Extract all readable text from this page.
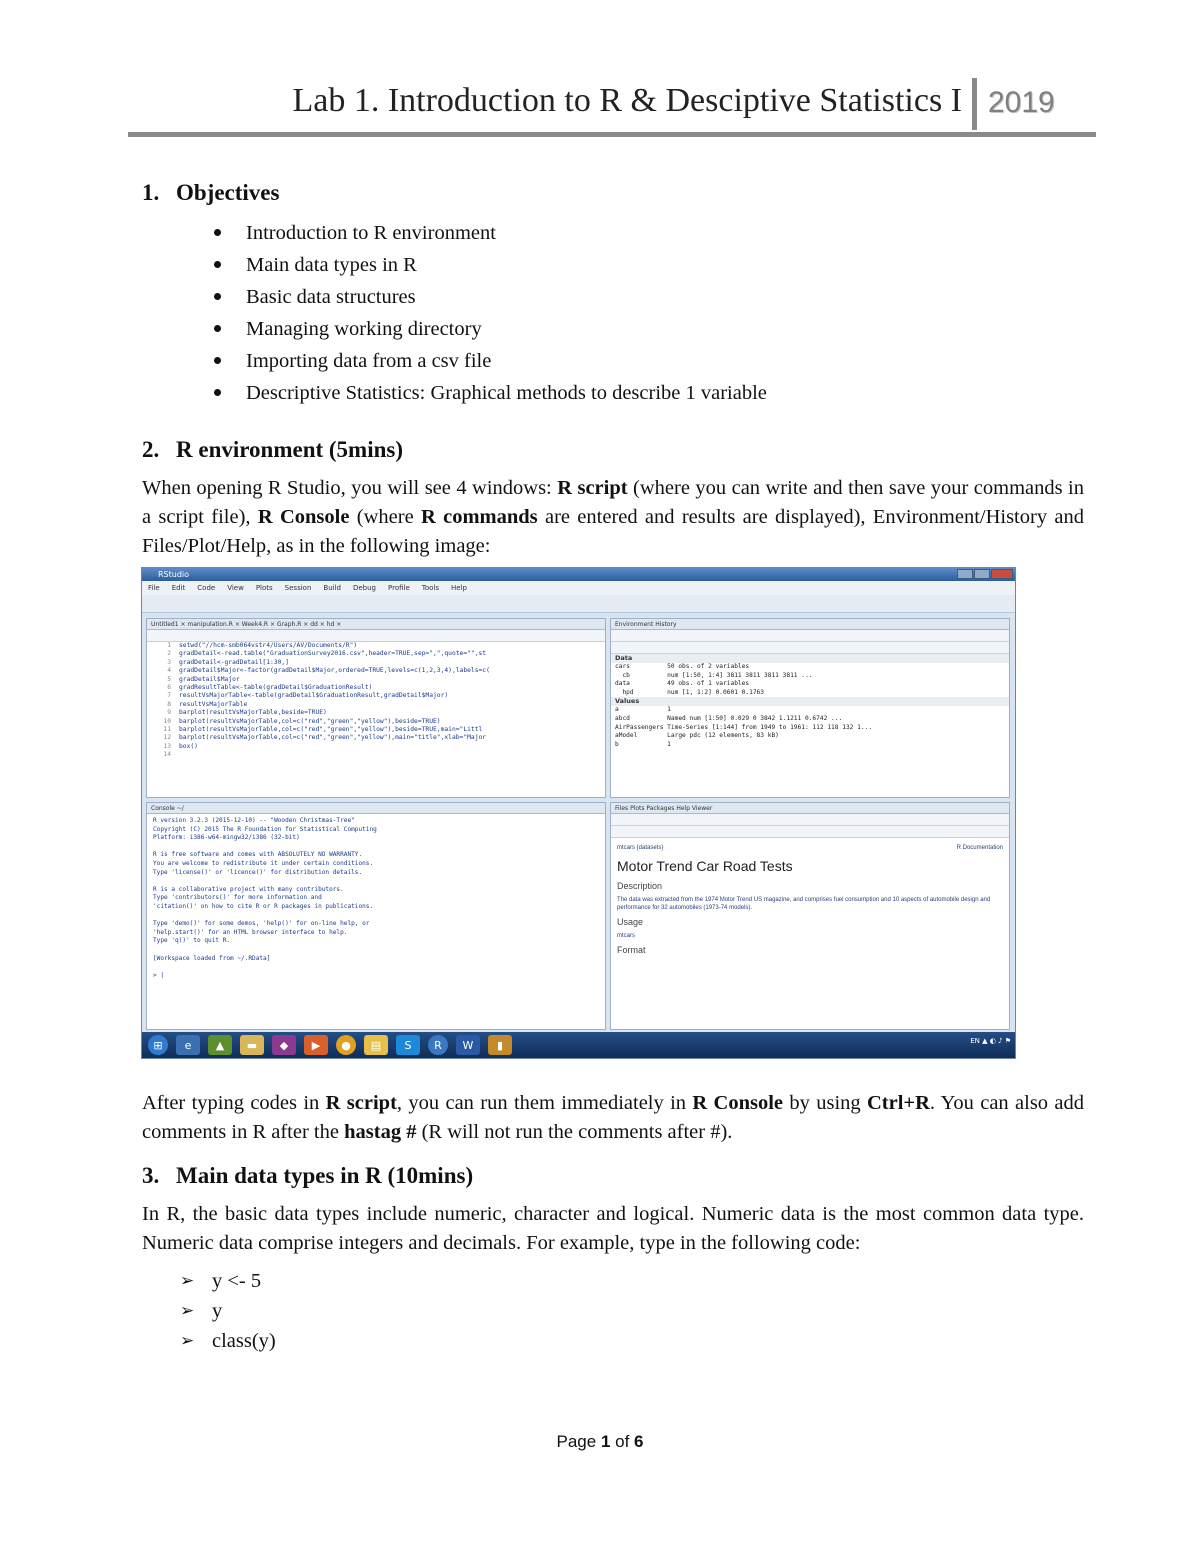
Lab 1. Introduction to R & Desciptive Statistics I 2019
1. Objectives
Introduction to R environment
Main data types in R
Basic data structures
Managing working directory
Importing data from a csv file
Descriptive Statistics: Graphical methods to describe 1 variable
2. R environment (5mins)

When opening R Studio, you will see 4 windows: R script (where you can write and then save your commands in a script file), R Console (where R commands are entered and results are displayed), Environment/History and Files/Plot/Help, as in the following image:

After typing codes in R script, you can run them immediately in R Console by using Ctrl+R. You can also add comments in R after the hastag # (R will not run the comments after #).

3. Main data types in R (10mins)

In R, the basic data types include numeric, character and logical. Numeric data is the most common data type. Numeric data comprise integers and decimals. For example, type in the following code:

➢ y <- 5
➢ y
➢ class(y)
RStudio
File Edit Code View Plots Session Build Debug Profile Tools Help
Untitled1 × manipulation.R × Week4.R × Graph.R × dd × hd ×
1 setwd("//hcm-smb064vstr4/Users/AV/Documents/R")
2 gradDetail<-read.table("GraduationSurvey2016.csv",header=TRUE,sep=",",quote="",st
3 gradDetail<-gradDetail[1:30,]
4 gradDetail$Major<-factor(gradDetail$Major,ordered=TRUE,levels=c(1,2,3,4),labels=c(
5 gradDetail$Major
6 gradResultTable<-table(gradDetail$GraduationResult)
7 resultVsMajorTable<-table(gradDetail$GraduationResult,gradDetail$Major)
8 resultVsMajorTable
9 barplot(resultVsMajorTable,beside=TRUE)
10 barplot(resultVsMajorTable,col=c("red","green","yellow"),beside=TRUE)
11 barplot(resultVsMajorTable,col=c("red","green","yellow"),beside=TRUE,main="Littl
12 barplot(resultVsMajorTable,col=c("red","green","yellow"),main="title",xlab="Major
13 box()
14
Environment History
Data
cars          50 obs. of 2 variables
cb          num [1:50, 1:4] 3811 3811 3811 3811 ...
data          49 obs. of 1 variables
hpd         num [1, 1:2] 0.0601 0.1763
Values
a             1
abcd          Named num [1:50] 0.029 0 3842 1.1211 0.6742 ...
AirPassengers Time-Series [1:144] from 1949 to 1961: 112 118 132 1...
aModel        Large pdc (12 elements, 83 kB)
b             1
Console ~/
R version 3.2.3 (2015-12-10) -- "Wooden Christmas-Tree"
Copyright (C) 2015 The R Foundation for Statistical Computing
Platform: i386-w64-mingw32/i386 (32-bit)

R is free software and comes with ABSOLUTELY NO WARRANTY.
You are welcome to redistribute it under certain conditions.
Type 'license()' or 'licence()' for distribution details.

R is a collaborative project with many contributors.
Type 'contributors()' for more information and
'citation()' on how to cite R or R packages in publications.

Type 'demo()' for some demos, 'help()' for on-line help, or
'help.start()' for an HTML browser interface to help.
Type 'q()' to quit R.

[Workspace loaded from ~/.RData]

> |
Files Plots Packages Help Viewer
mtcars {datasets}	R Documentation
Motor Trend Car Road Tests
Description
The data was extracted from the 1974 Motor Trend US magazine, and comprises fuel consumption and 10 aspects of automobile design and performance for 32 automobiles (1973-74 models).
Usage
mtcars
Format
⊞	e	▲	▬	◆	▶	●	▤	S	R	W	▮	EN ▲ ◐ ♪ ⚑
Page 1 of 6
